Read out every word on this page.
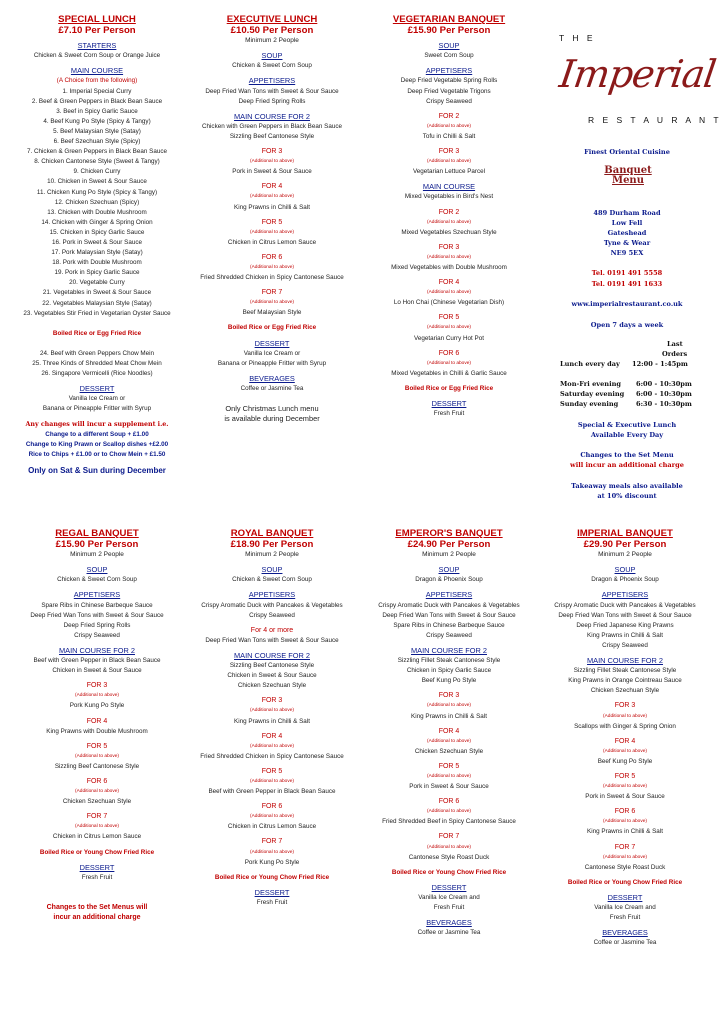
SPECIAL LUNCH
£7.10 Per Person
STARTERS
Chicken & Sweet Corn Soup or Orange Juice
MAIN COURSE
(A Choice from the following)
1. Imperial Special Curry
2. Beef & Green Peppers in Black Bean Sauce
3. Beef in Spicy Garlic Sauce
4. Beef Kung Po Style (Spicy & Tangy)
5. Beef Malaysian Style (Satay)
6. Beef Szechuan Style (Spicy)
7. Chicken & Green Peppers in Black Bean Sauce
8. Chicken Cantonese Style (Sweet & Tangy)
9. Chicken Curry
10. Chicken in Sweet & Sour Sauce
11. Chicken Kung Po Style (Spicy & Tangy)
12. Chicken Szechuan (Spicy)
13. Chicken with Double Mushroom
14. Chicken with Ginger & Spring Onion
15. Chicken in Spicy Garlic Sauce
16. Pork in Sweet & Sour Sauce
17. Pork Malaysian Style (Satay)
18. Pork with Double Mushroom
19. Pork in Spicy Garlic Sauce
20. Vegetable Curry
21. Vegetables in Sweet & Sour Sauce
22. Vegetables Malaysian Style (Satay)
23. Vegetables Stir Fried in Vegetarian Oyster Sauce
Boiled Rice or Egg Fried Rice
24. Beef with Green Peppers Chow Mein
25. Three Kinds of Shredded Meat Chow Mein
26. Singapore Vermicelli (Rice Noodles)
DESSERT
Vanilla Ice Cream or
Banana or Pineapple Fritter with Syrup
Any changes will incur a supplement i.e.
Change to a different Soup + £1.00
Change to King Prawn or Scallop dishes +£2.00
Rice to Chips + £1.00 or to Chow Mein + £1.50
Only on Sat & Sun during December
EXECUTIVE LUNCH
£10.50 Per Person
Minimum 2 People
SOUP
Chicken & Sweet Corn Soup
APPETISERS
Deep Fried Wan Tons with Sweet & Sour Sauce
Deep Fried Spring Rolls
MAIN COURSE FOR 2
Chicken with Green Peppers in Black Bean Sauce
Sizzling Beef Cantonese Style
FOR 3
(Additional to above)
Pork in Sweet & Sour Sauce
FOR 4
(Additional to above)
King Prawns in Chilli & Salt
FOR 5
(Additional to above)
Chicken in Citrus Lemon Sauce
FOR 6
(Additional to above)
Fried Shredded Chicken in Spicy Cantonese Sauce
FOR 7
(Additional to above)
Beef Malaysian Style
Boiled Rice or Egg Fried Rice
DESSERT
Vanilla Ice Cream or
Banana or Pineapple Fritter with Syrup
BEVERAGES
Coffee or Jasmine Tea
Only Christmas Lunch menu
is available during December
VEGETARIAN BANQUET
£15.90 Per Person
SOUP
Sweet Corn Soup
APPETISERS
Deep Fried Vegetable Spring Rolls
Deep Fried Vegetable Trigons
Crispy Seaweed
FOR 2
(Additional to above)
Tofu in Chilli & Salt
FOR 3
(Additional to above)
Vegetarian Lettuce Parcel
MAIN COURSE
Mixed Vegetables in Bird's Nest
FOR 2
(Additional to above)
Mixed Vegetables Szechuan Style
FOR 3
(Additional to above)
Mixed Vegetables with Double Mushroom
FOR 4
(Additional to above)
Lo Hon Chai (Chinese Vegetarian Dish)
FOR 5
(Additional to above)
Vegetarian Curry Hot Pot
FOR 6
(Additional to above)
Mixed Vegetables in Chilli & Garlic Sauce
Boiled Rice or Egg Fried Rice
DESSERT
Fresh Fruit
T H E
Imperial
R E S T A U R A N T
Finest Oriental Cuisine
Banquet
Menu
489 Durham Road
Low Fell
Gateshead
Tyne & Wear
NE9 5EX
Tel. 0191 491 5558
Tel. 0191 491 1633
www.imperialrestaurant.co.uk
Open 7 days a week
Last
Orders
Lunch every day 12:00 - 1:45pm
Mon-Fri evening 6:00 - 10:30pm
Saturday evening 6:00 - 10:30pm
Sunday evening	6:30 - 10:30pm
Special & Executive Lunch
Available Every Day
Changes to the Set Menu
will incur an additional charge
Takeaway meals also available
at 10% discount
REGAL BANQUET
£15.90 Per Person
Minimum 2 People
SOUP
Chicken & Sweet Corn Soup
APPETISERS
Spare Ribs in Chinese Barbeque Sauce
Deep Fried Wan Tons with Sweet & Sour Sauce
Deep Fried Spring Rolls
Crispy Seaweed
MAIN COURSE FOR 2
Beef with Green Pepper in Black Bean Sauce
Chicken in Sweet & Sour Sauce
FOR 3
(Additional to above)
Pork Kung Po Style
FOR 4
King Prawns with Double Mushroom
FOR 5
(Additional to above)
Sizzling Beef Cantonese Style
FOR 6
(Additional to above)
Chicken Szechuan Style
FOR 7
(Additional to above)
Chicken in Citrus Lemon Sauce
Boiled Rice or Young Chow Fried Rice
DESSERT
Fresh Fruit
Changes to the Set Menus will
incur an additional charge
ROYAL BANQUET
£18.90 Per Person
Minimum 2 People
SOUP
Chicken & Sweet Corn Soup
APPETISERS
Crispy Aromatic Duck with Pancakes & Vegetables
Crispy Seaweed
For 4 or more
Deep Fried Wan Tons with Sweet & Sour Sauce
MAIN COURSE FOR 2
Sizzling Beef Cantonese Style
Chicken in Sweet & Sour Sauce
Chicken Szechuan Style
FOR 3
(Additional to above)
King Prawns in Chilli & Salt
FOR 4
(Additional to above)
Fried Shredded Chicken in Spicy Cantonese Sauce
FOR 5
(Additional to above)
Beef with Green Pepper in Black Bean Sauce
FOR 6
(Additional to above)
Chicken in Citrus Lemon Sauce
FOR 7
(Additional to above)
Pork Kung Po Style
Boiled Rice or Young Chow Fried Rice
DESSERT
Fresh Fruit
EMPEROR'S BANQUET
£24.90 Per Person
Minimum 2 People
SOUP
Dragon & Phoenix Soup
APPETISERS
Crispy Aromatic Duck with Pancakes & Vegetables
Deep Fried Wan Tons with Sweet & Sour Sauce
Spare Ribs in Chinese Barbeque Sauce
Crispy Seaweed
MAIN COURSE FOR 2
Sizzling Fillet Steak Cantonese Style
Chicken in Spicy Garlic Sauce
Beef Kung Po Style
FOR 3
(Additional to above)
King Prawns in Chilli & Salt
FOR 4
(Additional to above)
Chicken Szechuan Style
FOR 5
(Additional to above)
Pork in Sweet & Sour Sauce
FOR 6
(Additional to above)
Fried Shredded Beef in Spicy Cantonese Sauce
FOR 7
(Additional to above)
Cantonese Style Roast Duck
Boiled Rice or Young Chow Fried Rice
DESSERT
Vanilla Ice Cream and
Fresh Fruit
BEVERAGES
Coffee or Jasmine Tea
IMPERIAL BANQUET
£29.90 Per Person
Minimum 2 People
SOUP
Dragon & Phoenix Soup
APPETISERS
Crispy Aromatic Duck with Pancakes & Vegetables
Deep Fried Wan Tons with Sweet & Sour Sauce
Deep Fried Japanese King Prawns
King Prawns in Chilli & Salt
Crispy Seaweed
MAIN COURSE FOR 2
Sizzling Fillet Steak Cantonese Style
King Prawns in Orange Cointreau Sauce
Chicken Szechuan Style
FOR 3
(Additional to above)
Scallops with Ginger & Spring Onion
FOR 4
(Additional to above)
Beef Kung Po Style
FOR 5
(Additional to above)
Pork in Sweet & Sour Sauce
FOR 6
(Additional to above)
King Prawns in Chilli & Salt
FOR 7
(Additional to above)
Cantonese Style Roast Duck
Boiled Rice or Young Chow Fried Rice
DESSERT
Vanilla Ice Cream and
Fresh Fruit
BEVERAGES
Coffee or Jasmine Tea
